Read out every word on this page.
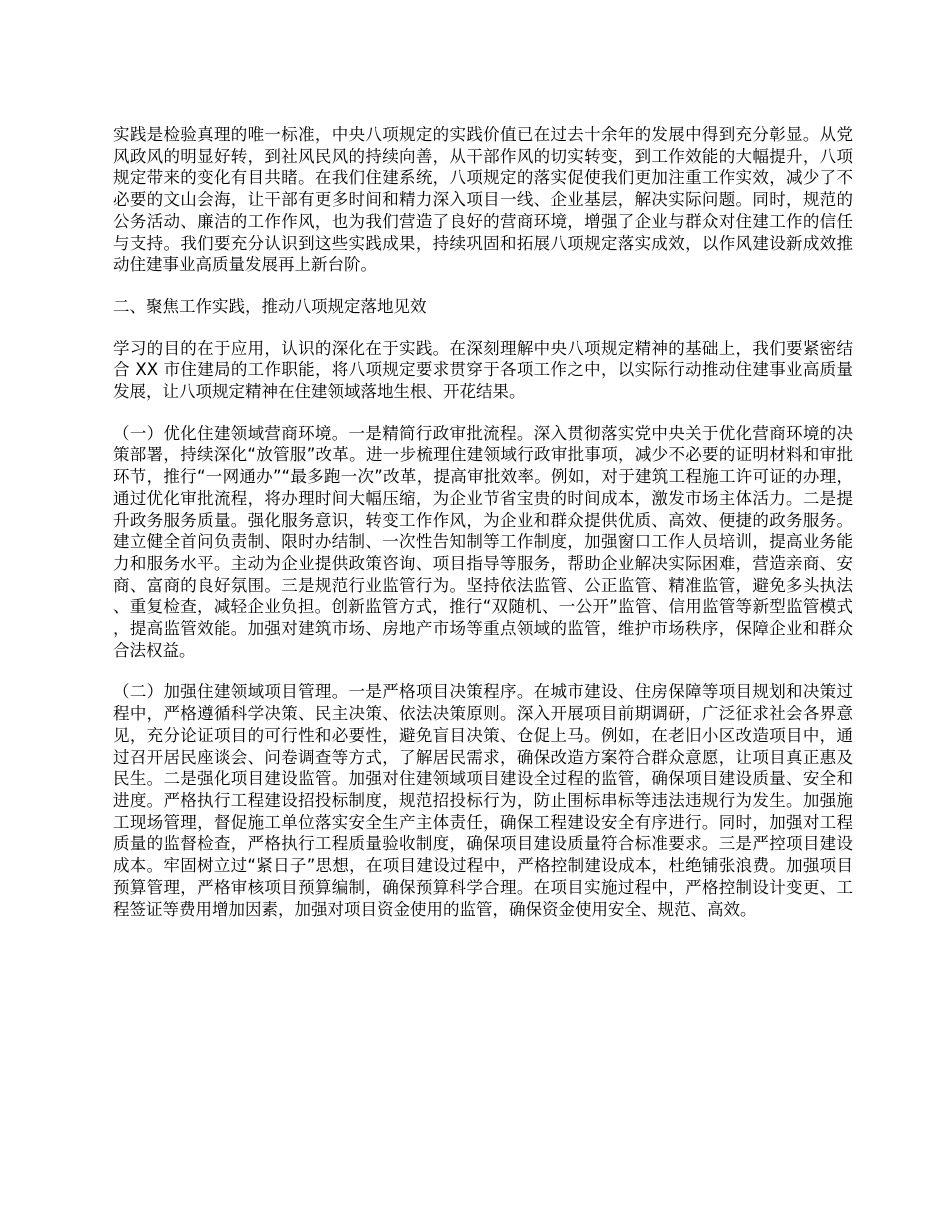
实践是检验真理的唯一标准，中央八项规定的实践价值已在过去十余年的发展中得到充分彰显。从党风政风的明显好转，到社风民风的持续向善，从干部作风的切实转变，到工作效能的大幅提升，八项规定带来的变化有目共睹。在我们住建系统，八项规定的落实促使我们更加注重工作实效，减少了不必要的文山会海，让干部有更多时间和精力深入项目一线、企业基层，解决实际问题。同时，规范的公务活动、廉洁的工作作风，也为我们营造了良好的营商环境，增强了企业与群众对住建工作的信任与支持。我们要充分认识到这些实践成果，持续巩固和拓展八项规定落实成效，以作风建设新成效推动住建事业高质量发展再上新台阶。

二、聚焦工作实践，推动八项规定落地见效

学习的目的在于应用，认识的深化在于实践。在深刻理解中央八项规定精神的基础上，我们要紧密结合 XX 市住建局的工作职能，将八项规定要求贯穿于各项工作之中，以实际行动推动住建事业高质量发展，让八项规定精神在住建领域落地生根、开花结果。

（一）优化住建领域营商环境。一是精简行政审批流程。深入贯彻落实党中央关于优化营商环境的决策部署，持续深化“放管服”改革。进一步梳理住建领域行政审批事项，减少不必要的证明材料和审批环节，推行“一网通办”“最多跑一次”改革，提高审批效率。例如，对于建筑工程施工许可证的办理，通过优化审批流程，将办理时间大幅压缩，为企业节省宝贵的时间成本，激发市场主体活力。二是提升政务服务质量。强化服务意识，转变工作作风，为企业和群众提供优质、高效、便捷的政务服务。建立健全首问负责制、限时办结制、一次性告知制等工作制度，加强窗口工作人员培训，提高业务能力和服务水平。主动为企业提供政策咨询、项目指导等服务，帮助企业解决实际困难，营造亲商、安商、富商的良好氛围。三是规范行业监管行为。坚持依法监管、公正监管、精准监管，避免多头执法、重复检查，减轻企业负担。创新监管方式，推行“双随机、一公开”监管、信用监管等新型监管模式，提高监管效能。加强对建筑市场、房地产市场等重点领域的监管，维护市场秩序，保障企业和群众合法权益。

（二）加强住建领域项目管理。一是严格项目决策程序。在城市建设、住房保障等项目规划和决策过程中，严格遵循科学决策、民主决策、依法决策原则。深入开展项目前期调研，广泛征求社会各界意见，充分论证项目的可行性和必要性，避免盲目决策、仓促上马。例如，在老旧小区改造项目中，通过召开居民座谈会、问卷调查等方式，了解居民需求，确保改造方案符合群众意愿，让项目真正惠及民生。二是强化项目建设监管。加强对住建领域项目建设全过程的监管，确保项目建设质量、安全和进度。严格执行工程建设招投标制度，规范招投标行为，防止围标串标等违法违规行为发生。加强施工现场管理，督促施工单位落实安全生产主体责任，确保工程建设安全有序进行。同时，加强对工程质量的监督检查，严格执行工程质量验收制度，确保项目建设质量符合标准要求。三是严控项目建设成本。牢固树立过“紧日子”思想，在项目建设过程中，严格控制建设成本，杜绝铺张浪费。加强项目预算管理，严格审核项目预算编制，确保预算科学合理。在项目实施过程中，严格控制设计变更、工程签证等费用增加因素，加强对项目资金使用的监管，确保资金使用安全、规范、高效。
